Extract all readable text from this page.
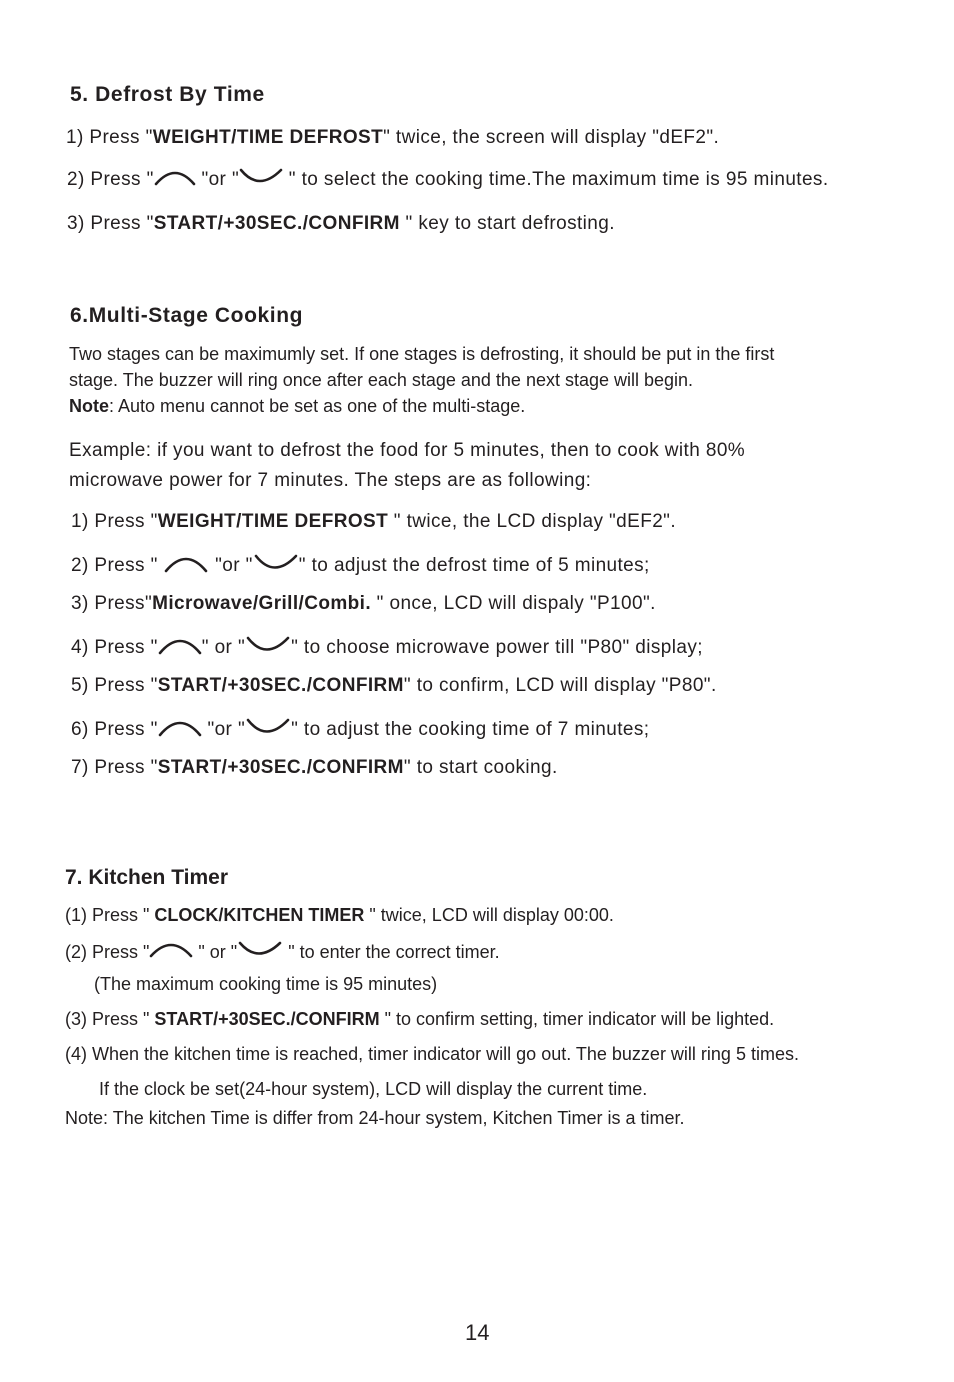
5. Defrost By Time
1) Press "WEIGHT/TIME DEFROST" twice, the screen will display "dEF2".
2) Press "
"or "
" to select the cooking time.The maximum time is 95 minutes.
3) Press "START/+30SEC./CONFIRM " key to start defrosting.
6.Multi-Stage Cooking
Two stages can be maximumly set. If one stages is defrosting, it should be put in the first
stage. The buzzer will ring once after each stage and the next stage will begin.
Note: Auto menu cannot be set as one of the multi-stage.
Example: if you want to defrost the food for 5 minutes, then to cook with 80%
microwave power for 7 minutes. The steps are as following:
1) Press "WEIGHT/TIME DEFROST " twice, the LCD display "dEF2".
2) Press "
"or " " to adjust the defrost time of 5 minutes;
3) Press"Microwave/Grill/Combi. " once, LCD will dispaly "P100".
4) Press " " or " " to choose microwave power till "P80" display;
5) Press "START/+30SEC./CONFIRM" to confirm, LCD will display "P80".
6) Press "
"or " " to adjust the cooking time of 7 minutes;
7) Press "START/+30SEC./CONFIRM" to start cooking.
7. Kitchen Timer
(1) Press " CLOCK/KITCHEN TIMER " twice, LCD will display 00:00.
(2) Press "
" or "	" to enter the correct timer.
(The maximum cooking time is 95 minutes)
(3) Press " START/+30SEC./CONFIRM " to confirm setting, timer indicator will be lighted.
(4) When the kitchen time is reached, timer indicator will go out. The buzzer will ring 5 times.
If the clock be set(24-hour system), LCD will display the current time.
Note: The kitchen Time is differ from 24-hour system, Kitchen Timer is a timer.
14
